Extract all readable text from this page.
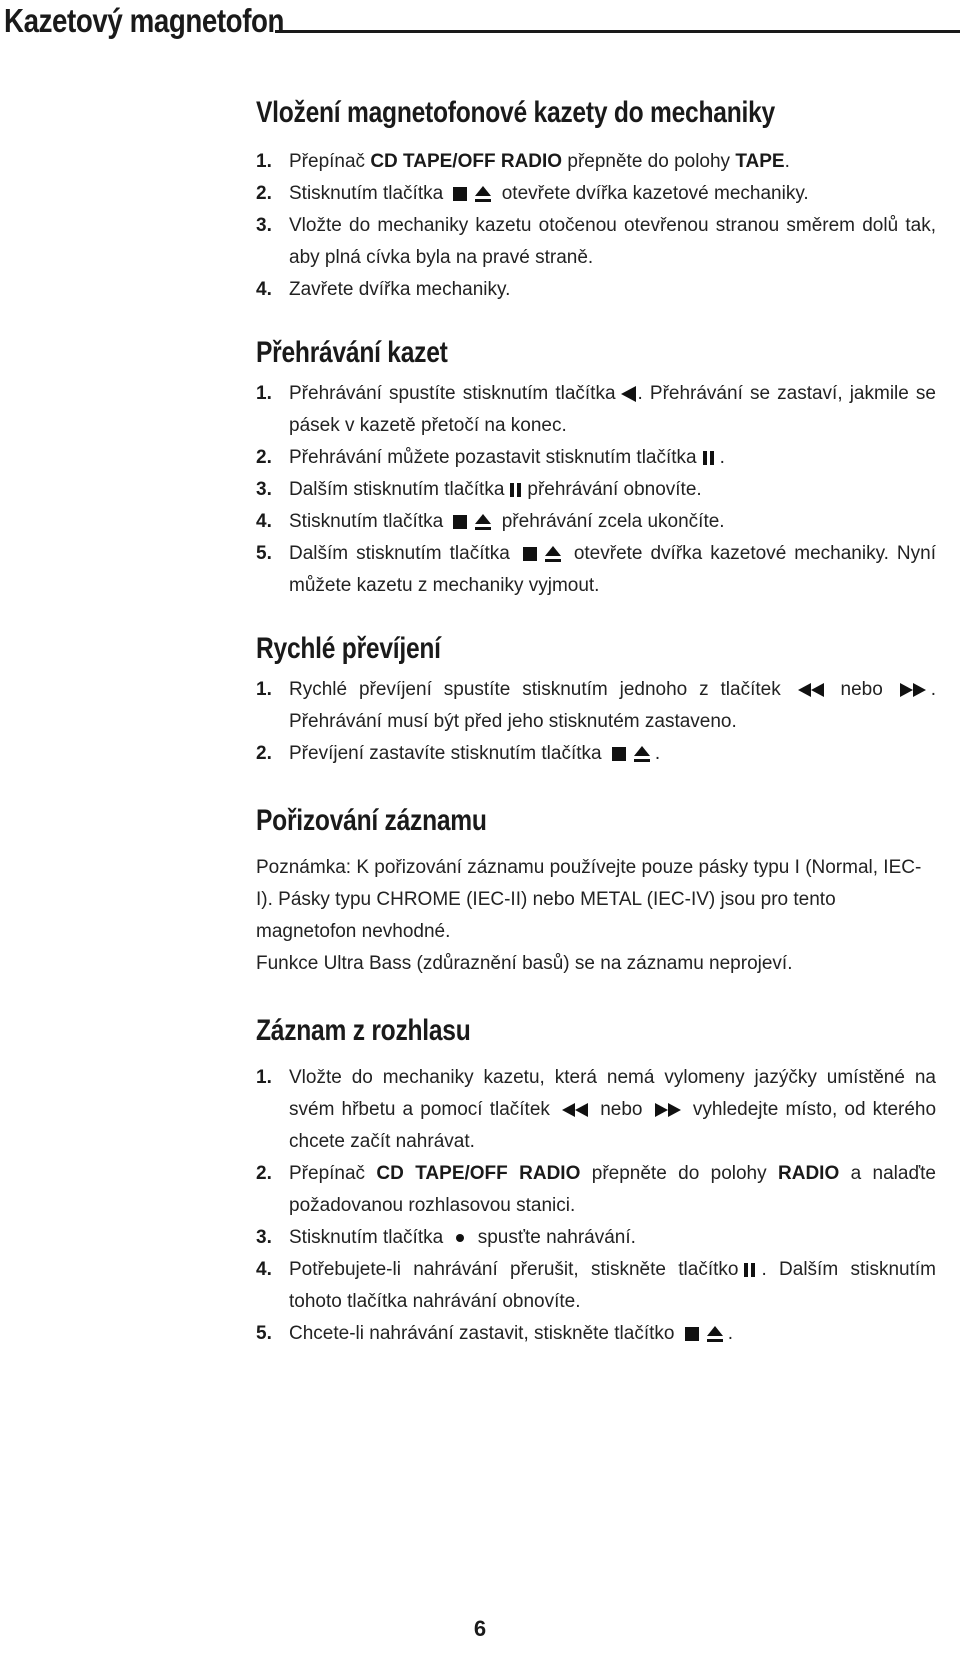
Kazetový magnetofon
Vložení magnetofonové kazety do mechaniky
1. Přepínač CD TAPE/OFF RADIO přepněte do polohy TAPE.
2. Stisknutím tlačítka	otevřete dvířka kazetové mechaniky.
3. Vložte do mechaniky kazetu otočenou otevřenou stranou směrem dolů tak, aby plná cívka byla na pravé straně.
4. Zavřete dvířka mechaniky.
Přehrávání kazet
1. Přehrávání spustíte stisknutím tlačítka . Přehrávání se zastaví, jakmile se pásek v kazetě přetočí na konec.
2. Přehrávání můžete pozastavit stisknutím tlačítka .
3. Dalším stisknutím tlačítka přehrávání obnovíte.
4. Stisknutím tlačítka	přehrávání zcela ukončíte.
5. Dalším stisknutím tlačítka	otevřete dvířka kazetové mechaniky. Nyní můžete kazetu z mechaniky vyjmout.
Rychlé převíjení
1. Rychlé převíjení spustíte stisknutím jednoho z tlačítek	nebo	. Přehrávání musí být před jeho stisknutém zastaveno.
2. Převíjení zastavíte stisknutím tlačítka	.
Pořizování záznamu

Poznámka: K pořizování záznamu používejte pouze pásky typu I (Normal, IEC-I). Pásky typu CHROME (IEC-II) nebo METAL (IEC-IV) jsou pro tento magnetofon nevhodné.

Funkce Ultra Bass (zdůraznění basů) se na záznamu neprojeví.

Záznam z rozhlasu
1. Vložte do mechaniky kazetu, která nemá vylomeny jazýčky umístěné na svém hřbetu a pomocí tlačítek	nebo	vyhledejte místo, od kterého chcete začít nahrávat.
2. Přepínač CD TAPE/OFF RADIO přepněte do polohy RADIO a nalaďte požadovanou rozhlasovou stanici.
3. Stisknutím tlačítka spusťte nahrávání.
4. Potřebujete-li nahrávání přerušit, stiskněte tlačítko . Dalším stisknutím tohoto tlačítka nahrávání obnovíte.
5. Chcete-li nahrávání zastavit, stiskněte tlačítko	.
6
